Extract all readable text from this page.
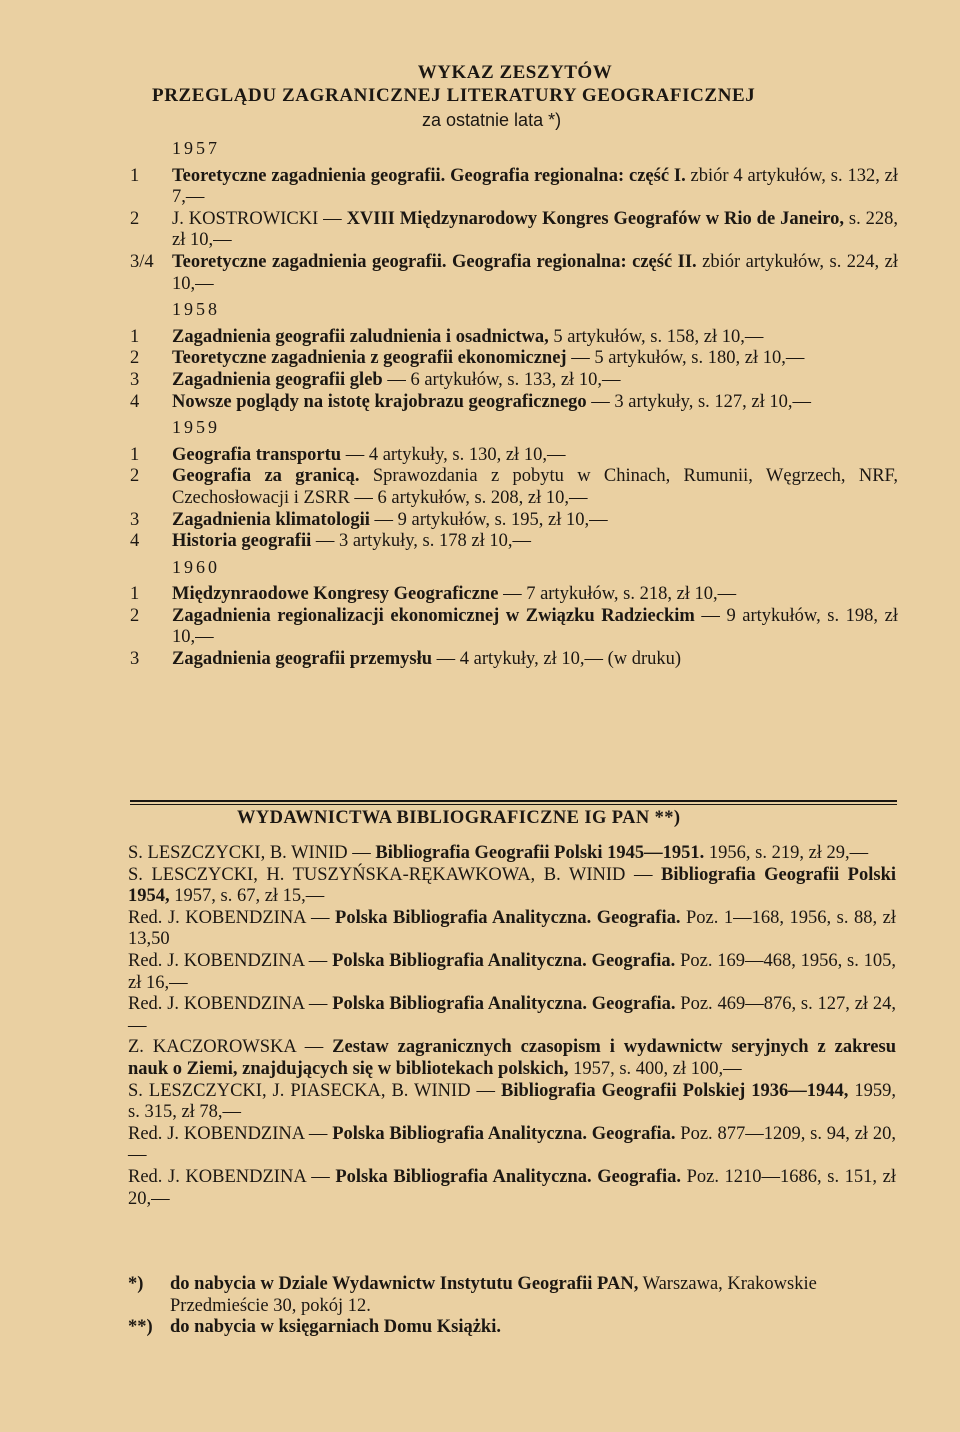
WYKAZ ZESZYTÓW
PRZEGLĄDU ZAGRANICZNEJ LITERATURY GEOGRAFICZNEJ
za ostatnie lata *)
1957
1 Teoretyczne zagadnienia geografii. Geografia regionalna: część I. zbiór 4 artykułów, s. 132, zł 7,—
2 J. KOSTROWICKI — XVIII Międzynarodowy Kongres Geografów w Rio de Janeiro, s. 228, zł 10,—
3/4 Teoretyczne zagadnienia geografii. Geografia regionalna: część II. zbiór artykułów, s. 224, zł 10,—
1958
1 Zagadnienia geografii zaludnienia i osadnictwa, 5 artykułów, s. 158, zł 10,—
2 Teoretyczne zagadnienia z geografii ekonomicznej — 5 artykułów, s. 180, zł 10,—
3 Zagadnienia geografii gleb — 6 artykułów, s. 133, zł 10,—
4 Nowsze poglądy na istotę krajobrazu geograficznego — 3 artykuły, s. 127, zł 10,—
1959
1 Geografia transportu — 4 artykuły, s. 130, zł 10,—
2 Geografia za granicą. Sprawozdania z pobytu w Chinach, Rumunii, Węgrzech, NRF, Czechosłowacji i ZSRR — 6 artykułów, s. 208, zł 10,—
3 Zagadnienia klimatologii — 9 artykułów, s. 195, zł 10,—
4 Historia geografii — 3 artykuły, s. 178 zł 10,—
1960
1 Międzynraodowe Kongresy Geograficzne — 7 artykułów, s. 218, zł 10,—
2 Zagadnienia regionalizacji ekonomicznej w Związku Radzieckim — 9 artykułów, s. 198, zł 10,—
3 Zagadnienia geografii przemysłu — 4 artykuły, zł 10,— (w druku)
WYDAWNICTWA BIBLIOGRAFICZNE IG PAN **)

S. LESZCZYCKI, B. WINID — Bibliografia Geografii Polski 1945—1951. 1956, s. 219, zł 29,—

S. LESCZYCKI, H. TUSZYŃSKA-RĘKAWKOWA, B. WINID — Bibliografia Geografii Polski 1954, 1957, s. 67, zł 15,—

Red. J. KOBENDZINA — Polska Bibliografia Analityczna. Geografia. Poz. 1—168, 1956, s. 88, zł 13,50

Red. J. KOBENDZINA — Polska Bibliografia Analityczna. Geografia. Poz. 169—468, 1956, s. 105, zł 16,—

Red. J. KOBENDZINA — Polska Bibliografia Analityczna. Geografia. Poz. 469—876, s. 127, zł 24,—

Z. KACZOROWSKA — Zestaw zagranicznych czasopism i wydawnictw seryjnych z zakresu nauk o Ziemi, znajdujących się w bibliotekach polskich, 1957, s. 400, zł 100,—

S. LESZCZYCKI, J. PIASECKA, B. WINID — Bibliografia Geografii Polskiej 1936—1944, 1959, s. 315, zł 78,—

Red. J. KOBENDZINA — Polska Bibliografia Analityczna. Geografia. Poz. 877—1209, s. 94, zł 20,—

Red. J. KOBENDZINA — Polska Bibliografia Analityczna. Geografia. Poz. 1210—1686, s. 151, zł 20,—

*) do nabycia w Dziale Wydawnictw Instytutu Geografii PAN, Warszawa, Krakowskie Przedmieście 30, pokój 12.
**) do nabycia w księgarniach Domu Książki.
